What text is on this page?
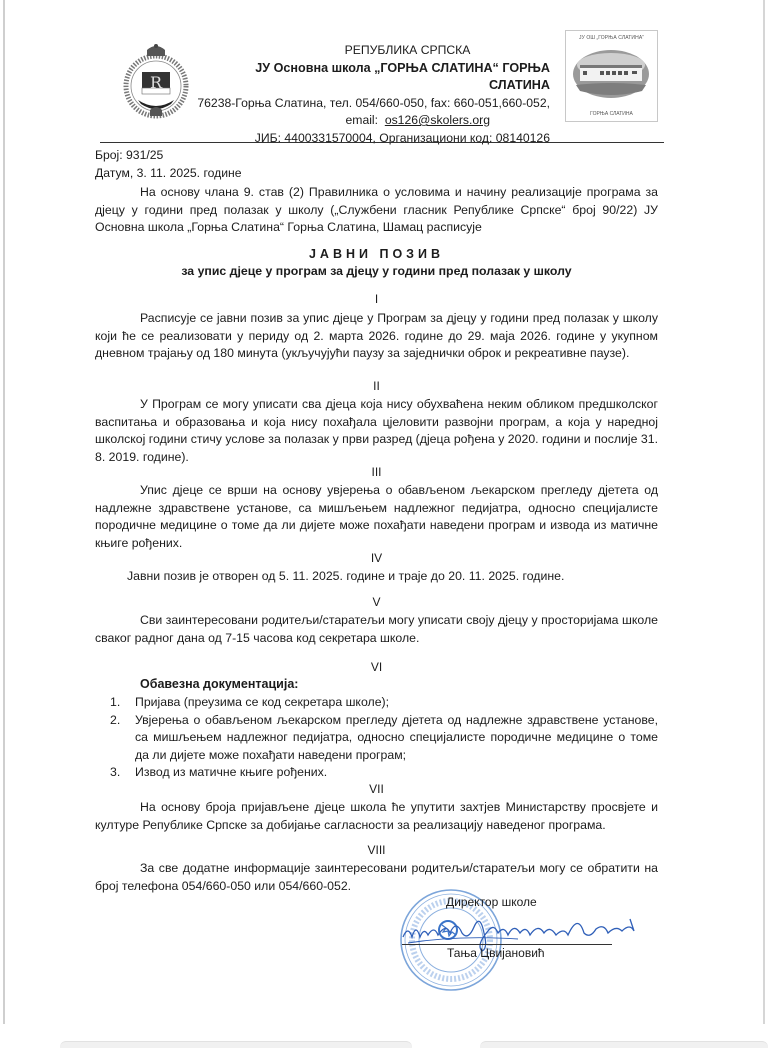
R
РЕПУБЛИКА СРПСКА
ЈУ Основна школа „ГОРЊА СЛАТИНА“ ГОРЊА СЛАТИНА
76238-Горња Слатина, тел. 054/660-050, fax: 660-051,660-052,
email: os126@skolers.org
ЈИБ: 4400331570004, Организациони код: 08140126
ЈУ ОШ „ГОРЊА СЛАТИНА“
ГОРЊА СЛАТИНА
Број: 931/25
Датум, 3. 11. 2025. године
На основу члана 9. став (2) Правилника о условима и начину реализације програма за дјецу у години пред полазак у школу („Службени гласник Републике Српске“ број 90/22) ЈУ Основна школа „Горња Слатина“ Горња Слатина, Шамац расписује
ЈАВНИ ПОЗИВ
за упис дјеце у програм за дјецу у години пред полазак у школу
I
Расписује се јавни позив за упис дјеце у Програм за дјецу у години пред полазак у школу који ће се реализовати у периду од 2. марта 2026. године до 29. маја 2026. године у укупном дневном трајању од 180 минута (укључујући паузу за заједнички оброк и рекреативне паузе).
II
У Програм се могу уписати сва дјеца која нису обухваћена неким обликом предшколског васпитања и образовања и која нису похађала цјеловити развојни програм, а која у наредној школској години стичу услове за полазак у први разред (дјеца рођена у 2020. години и послије 31. 8. 2019. године).
III
Упис дјеце се врши на основу увјерења о обављеном љекарском прегледу дјетета од надлежне здравствене установе, са мишљењем надлежног педијатра, односно специјалисте породичне медицине о томе да ли дијете може похађати наведени програм и извода из матичне књиге рођених.
IV
Јавни позив је отворен од 5. 11. 2025. године и траје до 20. 11. 2025. године.
V
Сви заинтересовани родитељи/старатељи могу уписати своју дјецу у просторијама школе сваког радног дана од 7-15 часова код секретара школе.
VI
Обавезна документација:
1. Пријава (преузима се код секретара школе);
2. Увјерења о обављеном љекарском прегледу дјетета од надлежне здравствене установе, са мишљењем надлежног педијатра, односно специјалисте породичне медицине о томе да ли дијете може похађати наведени програм;
3. Извод из матичне књиге рођених.
VII
На основу броја пријављене дјеце школа ће упутити захтјев Министарству просвјете и културе Републике Српске за добијање сагласности за реализацију наведеног програма.
VIII
За све додатне информације заинтересовани родитељи/старатељи могу се обратити на број телефона 054/660-050 или 054/660-052.
Директор школе
Тања Цвијановић
